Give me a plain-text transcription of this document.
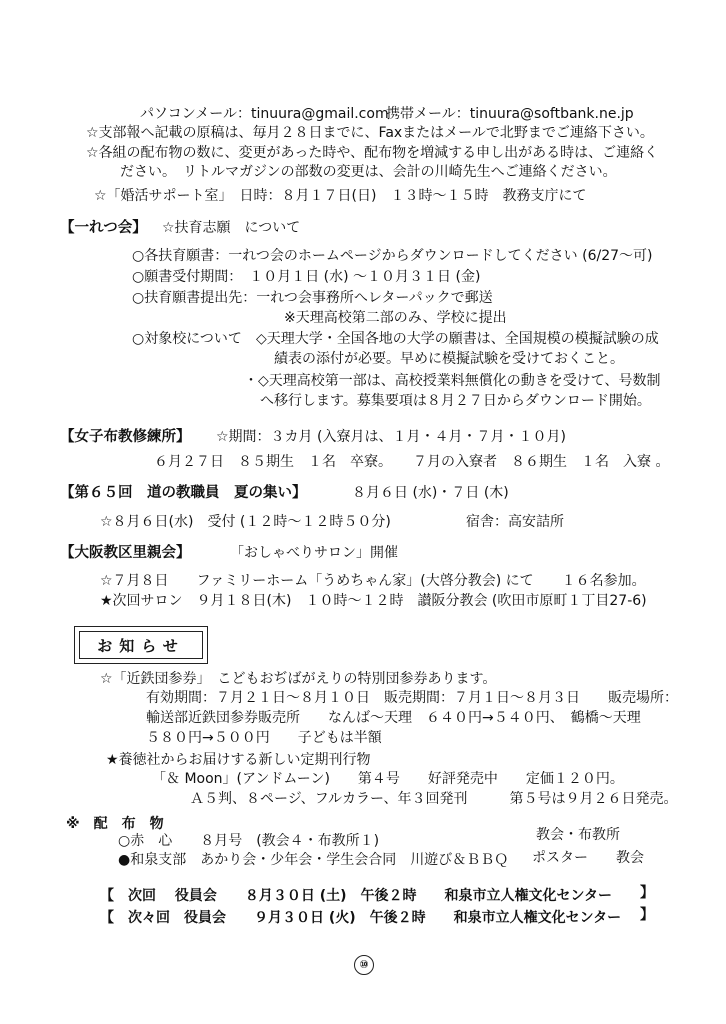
パソコンメール：tinuura@gmail.com
携帯メール：tinuura@softbank.ne.jp
☆支部報へ記載の原稿は、毎月２８日までに、Faxまたはメールで北野までご連絡下さい。
☆各組の配布物の数に、変更があった時や、配布物を増減する申し出がある時は、ご連絡く
ださい。　リトルマガジンの部数の変更は、会計の川崎先生へご連絡ください。
☆「婚活サポート室」　日時：８月１７日(日)　１３時～１５時　教務支庁にて
【一れつ会】 ☆扶育志願　について
○各扶育願書：一れつ会のホームページからダウンロードしてください (6/27～可)
○願書受付期間：　１０月１日 (水) ～１０月３１日 (金)
○扶育願書提出先：一れつ会事務所へレターパックで郵送
※天理高校第二部のみ、学校に提出
○対象校について ◇天理大学・全国各地の大学の願書は、全国規模の模擬試験の成
績表の添付が必要。早めに模擬試験を受けておくこと。
・◇天理高校第一部は、高校授業料無償化の動きを受けて、号数制
へ移行します。募集要項は８月２７日からダウンロード開始。
【女子布教修練所】 ☆期間：３カ月 (入寮月は、１月・４月・７月・１０月)
６月２７日　８５期生　１名　卒寮。　　７月の入寮者　８６期生　１名　入寮 。
【第６５回　道の教職員　夏の集い】	８月６日 (水)・７日 (木)
☆８月６日(水)　受付 (１２時～１２時５０分)	宿舎：高安詰所
【大阪教区里親会】	「おしゃべりサロン」開催
☆７月８日　　ファミリーホーム「うめちゃん家」(大啓分教会) にて　　１６名参加。
★次回サロン　９月１８日(木)　１０時～１２時　讃阪分教会 (吹田市原町１丁目27-6)
お知らせ
☆「近鉄団参券」　こどもおぢばがえりの特別団参券あります。
有効期間：７月２１日～８月１０日　販売期間：７月１日～８月３日　　販売場所：
輸送部近鉄団参券販売所　　なんば～天理　６４０円→５４０円、　鶴橋～天理
５８０円→５００円　　子どもは半額
★養徳社からお届けする新しい定期刊行物
「＆ Moon」(アンドムーン)　　第４号　　好評発売中　　定価１２０円。
Ａ５判、８ページ、フルカラー、年３回発刊　　　第５号は９月２６日発売。
※　配　布　物
○赤　心　　８月号　(教会４・布教所１)	教会・布教所
●和泉支部　あかり会・少年会・学生会合同　川遊び＆ＢＢＱ ポスター 教会
【　次回　 役員会　　８月３０日 (土)　午後２時　　和泉市立人権文化センター 】
【　次々回　役員会　　９月３０日 (火)　午後２時　　和泉市立人権文化センター 】
⑩
